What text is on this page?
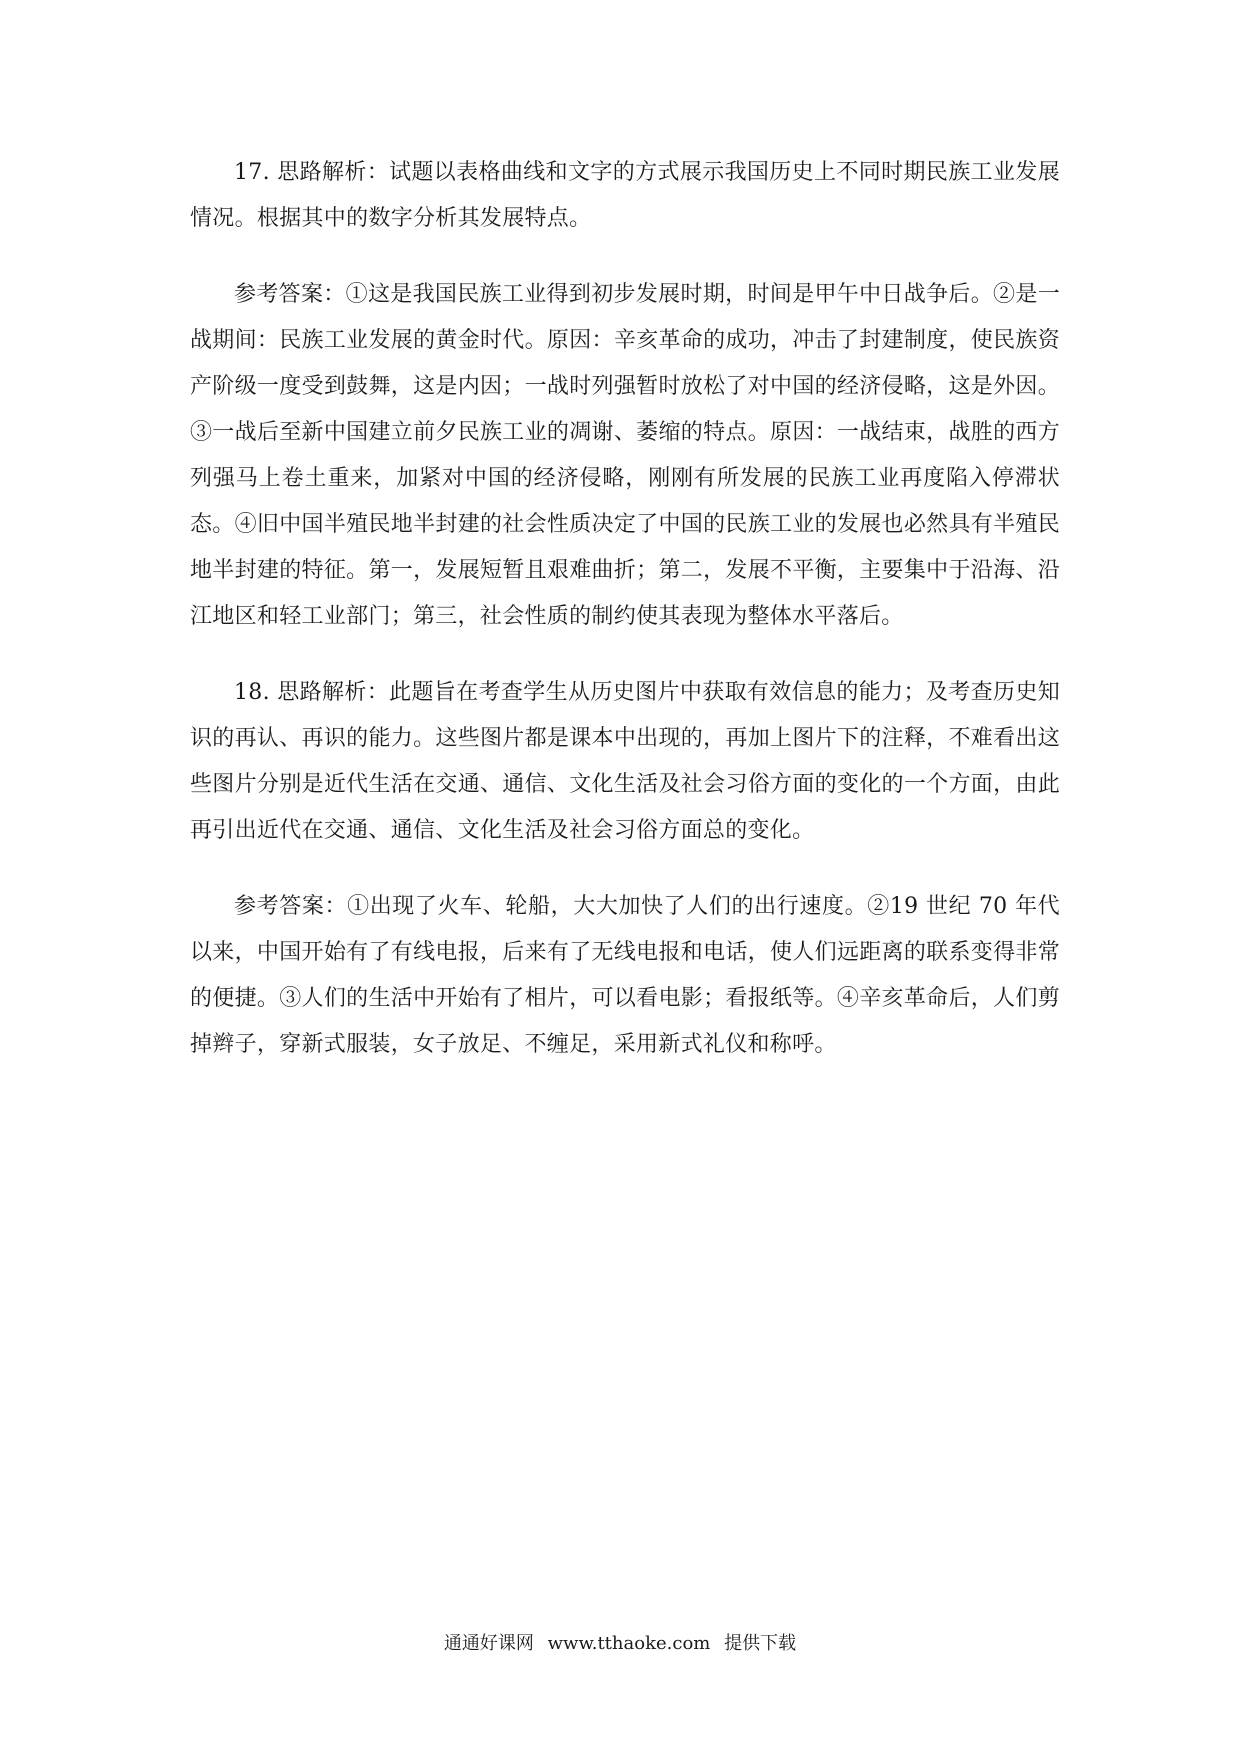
17. 思路解析：试题以表格曲线和文字的方式展示我国历史上不同时期民族工业发展情况。根据其中的数字分析其发展特点。

参考答案：①这是我国民族工业得到初步发展时期，时间是甲午中日战争后。②是一战期间：民族工业发展的黄金时代。原因：辛亥革命的成功，冲击了封建制度，使民族资产阶级一度受到鼓舞，这是内因；一战时列强暂时放松了对中国的经济侵略，这是外因。③一战后至新中国建立前夕民族工业的凋谢、萎缩的特点。原因：一战结束，战胜的西方列强马上卷土重来，加紧对中国的经济侵略，刚刚有所发展的民族工业再度陷入停滞状态。④旧中国半殖民地半封建的社会性质决定了中国的民族工业的发展也必然具有半殖民地半封建的特征。第一，发展短暂且艰难曲折；第二，发展不平衡，主要集中于沿海、沿江地区和轻工业部门；第三，社会性质的制约使其表现为整体水平落后。

18. 思路解析：此题旨在考查学生从历史图片中获取有效信息的能力；及考查历史知识的再认、再识的能力。这些图片都是课本中出现的，再加上图片下的注释，不难看出这些图片分别是近代生活在交通、通信、文化生活及社会习俗方面的变化的一个方面，由此再引出近代在交通、通信、文化生活及社会习俗方面总的变化。

参考答案：①出现了火车、轮船，大大加快了人们的出行速度。②19 世纪 70 年代以来，中国开始有了有线电报，后来有了无线电报和电话，使人们远距离的联系变得非常的便捷。③人们的生活中开始有了相片，可以看电影；看报纸等。④辛亥革命后，人们剪掉辫子，穿新式服装，女子放足、不缠足，采用新式礼仪和称呼。

通通好课网 www.tthaoke.com 提供下载
